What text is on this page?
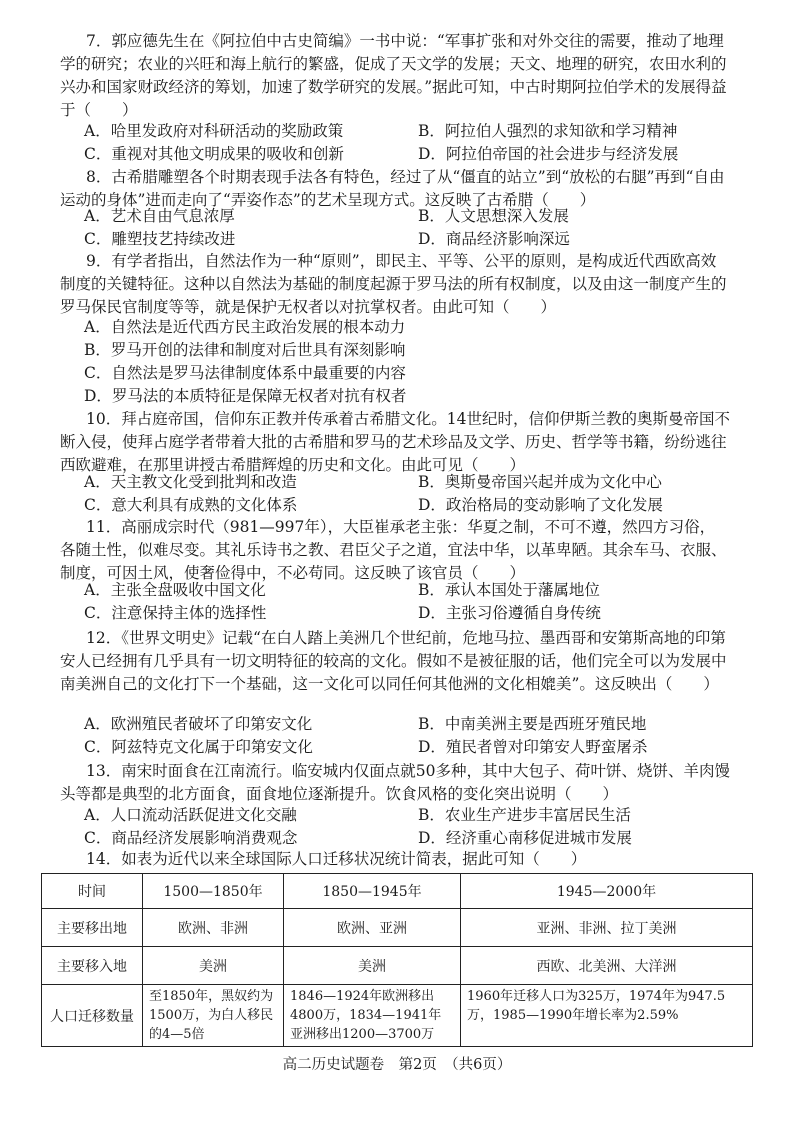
7．郭应德先生在《阿拉伯中古史简编》一书中说：“军事扩张和对外交往的需要，推动了地理学的研究；农业的兴旺和海上航行的繁盛，促成了天文学的发展；天文、地理的研究，农田水利的兴办和国家财政经济的筹划，加速了数学研究的发展。”据此可知，中古时期阿拉伯学术的发展得益于（　　）

A．哈里发政府对科研活动的奖励政策	B．阿拉伯人强烈的求知欲和学习精神
C．重视对其他文明成果的吸收和创新	D．阿拉伯帝国的社会进步与经济发展

8．古希腊雕塑各个时期表现手法各有特色，经过了从“僵直的站立”到“放松的右腿”再到“自由运动的身体”进而走向了“弄姿作态”的艺术呈现方式。这反映了古希腊（　　）

A．艺术自由气息浓厚	B．人文思想深入发展
C．雕塑技艺持续改进	D．商品经济影响深远

9．有学者指出，自然法作为一种“原则”，即民主、平等、公平的原则，是构成近代西欧高效制度的关键特征。这种以自然法为基础的制度起源于罗马法的所有权制度，以及由这一制度产生的罗马保民官制度等等，就是保护无权者以对抗掌权者。由此可知（　　）

A．自然法是近代西方民主政治发展的根本动力
B．罗马开创的法律和制度对后世具有深刻影响
C．自然法是罗马法律制度体系中最重要的内容
D．罗马法的本质特征是保障无权者对抗有权者

10．拜占庭帝国，信仰东正教并传承着古希腊文化。14世纪时，信仰伊斯兰教的奥斯曼帝国不断入侵，使拜占庭学者带着大批的古希腊和罗马的艺术珍品及文学、历史、哲学等书籍，纷纷逃往西欧避难，在那里讲授古希腊辉煌的历史和文化。由此可见（　　）

A．天主教文化受到批判和改造	B．奥斯曼帝国兴起并成为文化中心
C．意大利具有成熟的文化体系	D．政治格局的变动影响了文化发展

11．高丽成宗时代（981—997年），大臣崔承老主张：华夏之制，不可不遵，然四方习俗，各随土性，似难尽变。其礼乐诗书之教、君臣父子之道，宜法中华，以革卑陋。其余车马、衣服、制度，可因土风，使奢俭得中，不必苟同。这反映了该官员（　　）

A．主张全盘吸收中国文化	B．承认本国处于藩属地位
C．注意保持主体的选择性	D．主张习俗遵循自身传统

12．《世界文明史》记载“在白人踏上美洲几个世纪前，危地马拉、墨西哥和安第斯高地的印第安人已经拥有几乎具有一切文明特征的较高的文化。假如不是被征服的话，他们完全可以为发展中南美洲自己的文化打下一个基础，这一文化可以同任何其他洲的文化相媲美”。这反映出（　　）

A．欧洲殖民者破坏了印第安文化	B．中南美洲主要是西班牙殖民地
C．阿兹特克文化属于印第安文化	D．殖民者曾对印第安人野蛮屠杀

13．南宋时面食在江南流行。临安城内仅面点就50多种，其中大包子、荷叶饼、烧饼、羊肉馒头等都是典型的北方面食，面食地位逐渐提升。饮食风格的变化突出说明（　　）

A．人口流动活跃促进文化交融	B．农业生产进步丰富居民生活
C．商品经济发展影响消费观念	D．经济重心南移促进城市发展

14．如表为近代以来全球国际人口迁移状况统计简表，据此可知（　　）

时间	1500—1850年	1850—1945年	1945—2000年
主要移出地	欧洲、非洲	欧洲、亚洲	亚洲、非洲、拉丁美洲
主要移入地	美洲	美洲	西欧、北美洲、大洋洲
人口迁移数量	至1850年，黑奴约为1500万，为白人移民的4—5倍	1846—1924年欧洲移出4800万，1834—1941年亚洲移出1200—3700万	1960年迁移人口为325万，1974年为947.5万，1985—1990年增长率为2.59%
高二历史试题卷　第2页　（共6页）
